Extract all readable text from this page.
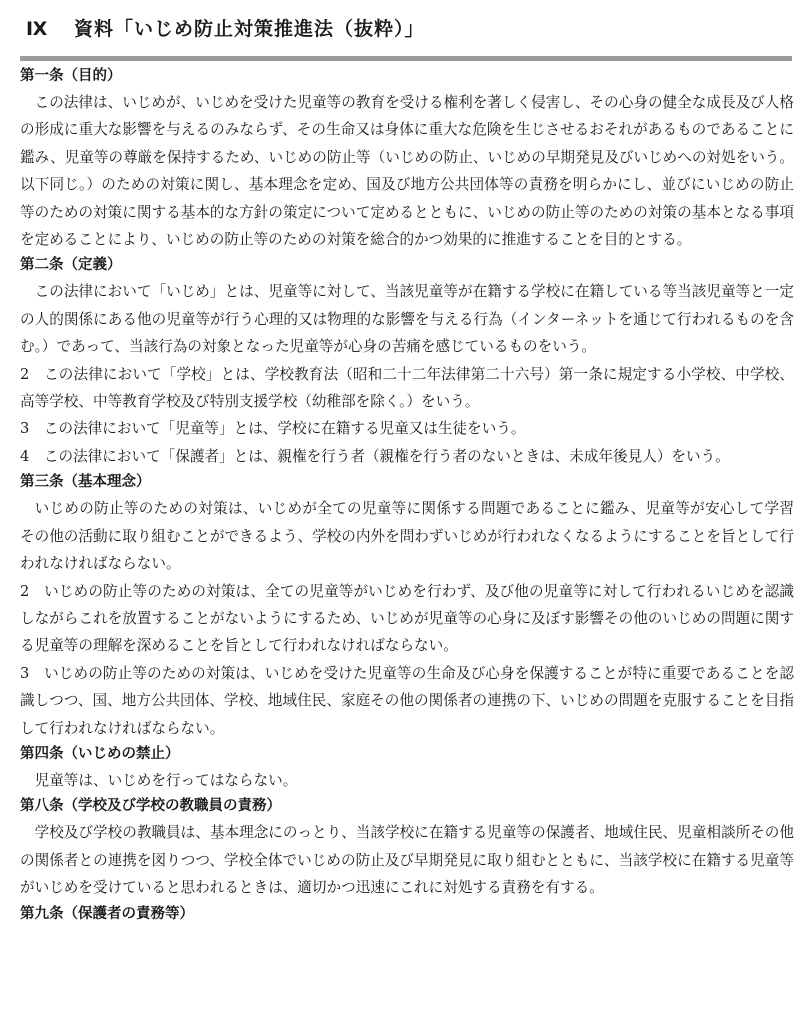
Ⅸ 資料「いじめ防止対策推進法（抜粋）」
第一条（目的）

この法律は、いじめが、いじめを受けた児童等の教育を受ける権利を著しく侵害し、その心身の健全な成長及び人格の形成に重大な影響を与えるのみならず、その生命又は身体に重大な危険を生じさせるおそれがあるものであることに鑑み、児童等の尊厳を保持するため、いじめの防止等（いじめの防止、いじめの早期発見及びいじめへの対処をいう。以下同じ。）のための対策に関し、基本理念を定め、国及び地方公共団体等の責務を明らかにし、並びにいじめの防止等のための対策に関する基本的な方針の策定について定めるとともに、いじめの防止等のための対策の基本となる事項を定めることにより、いじめの防止等のための対策を総合的かつ効果的に推進することを目的とする。

第二条（定義）

この法律において「いじめ」とは、児童等に対して、当該児童等が在籍する学校に在籍している等当該児童等と一定の人的関係にある他の児童等が行う心理的又は物理的な影響を与える行為（インターネットを通じて行われるものを含む。）であって、当該行為の対象となった児童等が心身の苦痛を感じているものをいう。

2　この法律において「学校」とは、学校教育法（昭和二十二年法律第二十六号）第一条に規定する小学校、中学校、高等学校、中等教育学校及び特別支援学校（幼稚部を除く。）をいう。

3　この法律において「児童等」とは、学校に在籍する児童又は生徒をいう。

4　この法律において「保護者」とは、親権を行う者（親権を行う者のないときは、未成年後見人）をいう。

第三条（基本理念）

いじめの防止等のための対策は、いじめが全ての児童等に関係する問題であることに鑑み、児童等が安心して学習その他の活動に取り組むことができるよう、学校の内外を問わずいじめが行われなくなるようにすることを旨として行われなければならない。

2　いじめの防止等のための対策は、全ての児童等がいじめを行わず、及び他の児童等に対して行われるいじめを認識しながらこれを放置することがないようにするため、いじめが児童等の心身に及ぼす影響その他のいじめの問題に関する児童等の理解を深めることを旨として行われなければならない。

3　いじめの防止等のための対策は、いじめを受けた児童等の生命及び心身を保護することが特に重要であることを認識しつつ、国、地方公共団体、学校、地域住民、家庭その他の関係者の連携の下、いじめの問題を克服することを目指して行われなければならない。

第四条（いじめの禁止）

児童等は、いじめを行ってはならない。

第八条（学校及び学校の教職員の責務）

学校及び学校の教職員は、基本理念にのっとり、当該学校に在籍する児童等の保護者、地域住民、児童相談所その他の関係者との連携を図りつつ、学校全体でいじめの防止及び早期発見に取り組むとともに、当該学校に在籍する児童等がいじめを受けていると思われるときは、適切かつ迅速にこれに対処する責務を有する。

第九条（保護者の責務等）
